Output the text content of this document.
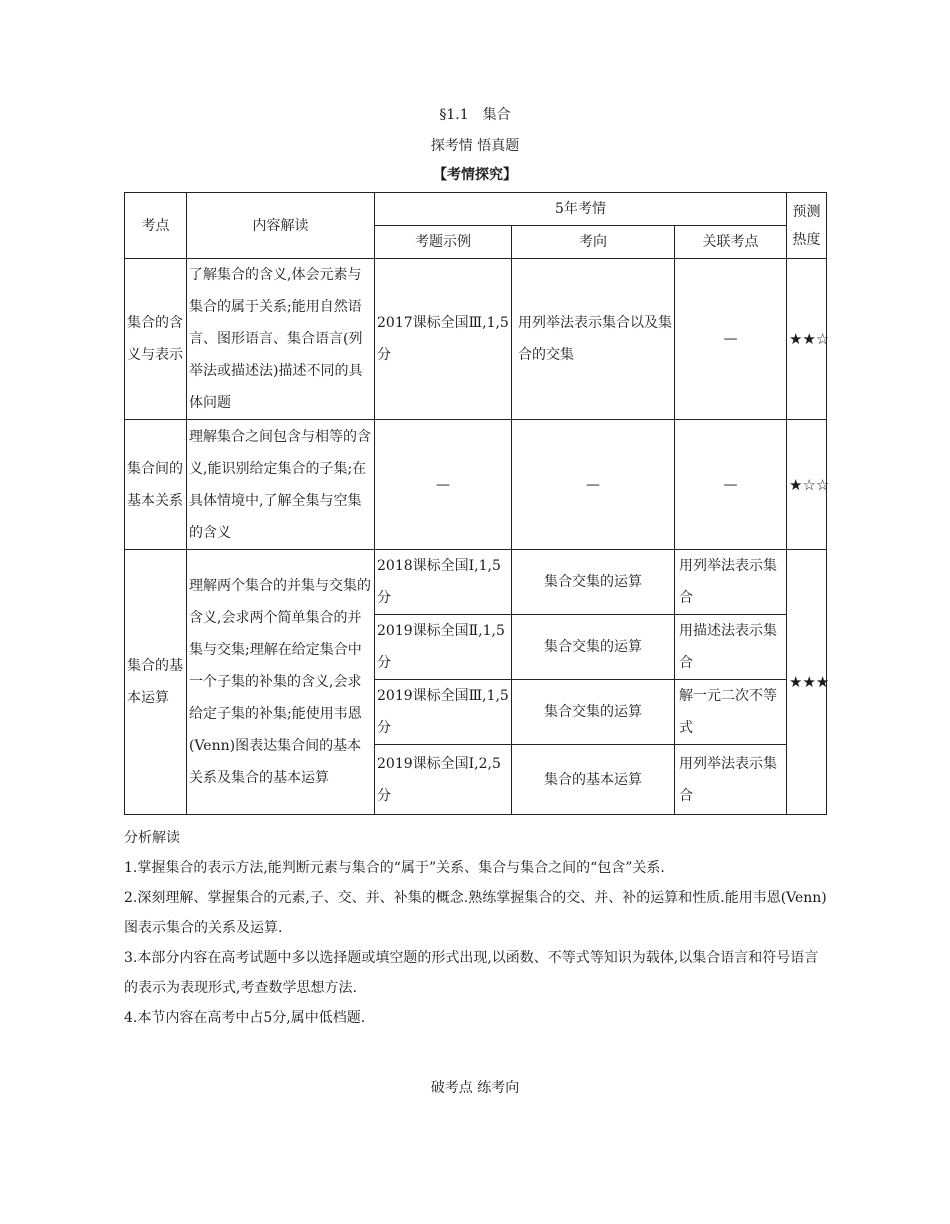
§1.1　集合
探考情 悟真题
【考情探究】
考点	内容解读	5年考情			预测热度
		考题示例	考向	关联考点	
集合的含义与表示	了解集合的含义,体会元素与集合的属于关系;能用自然语言、图形语言、集合语言(列举法或描述法)描述不同的具体问题	2017课标全国Ⅲ,1,5分	用列举法表示集合以及集合的交集	—	★★☆
集合间的基本关系	理解集合之间包含与相等的含义,能识别给定集合的子集;在具体情境中,了解全集与空集的含义	—	—	—	★☆☆
集合的基本运算	理解两个集合的并集与交集的含义,会求两个简单集合的并集与交集;理解在给定集合中一个子集的补集的含义,会求给定子集的补集;能使用韦恩(Venn)图表达集合间的基本关系及集合的基本运算	2018课标全国Ⅰ,1,5分	集合交集的运算	用列举法表示集合	★★★
		2019课标全国Ⅱ,1,5分	集合交集的运算	用描述法表示集合	
		2019课标全国Ⅲ,1,5分	集合交集的运算	解一元二次不等式	
		2019课标全国Ⅰ,2,5分	集合的基本运算	用列举法表示集合	

分析解读

1.掌握集合的表示方法,能判断元素与集合的“属于”关系、集合与集合之间的“包含”关系.

2.深刻理解、掌握集合的元素,子、交、并、补集的概念.熟练掌握集合的交、并、补的运算和性质.能用韦恩(Venn)图表示集合的关系及运算.

3.本部分内容在高考试题中多以选择题或填空题的形式出现,以函数、不等式等知识为载体,以集合语言和符号语言的表示为表现形式,考查数学思想方法.

4.本节内容在高考中占5分,属中低档题.

破考点 练考向
